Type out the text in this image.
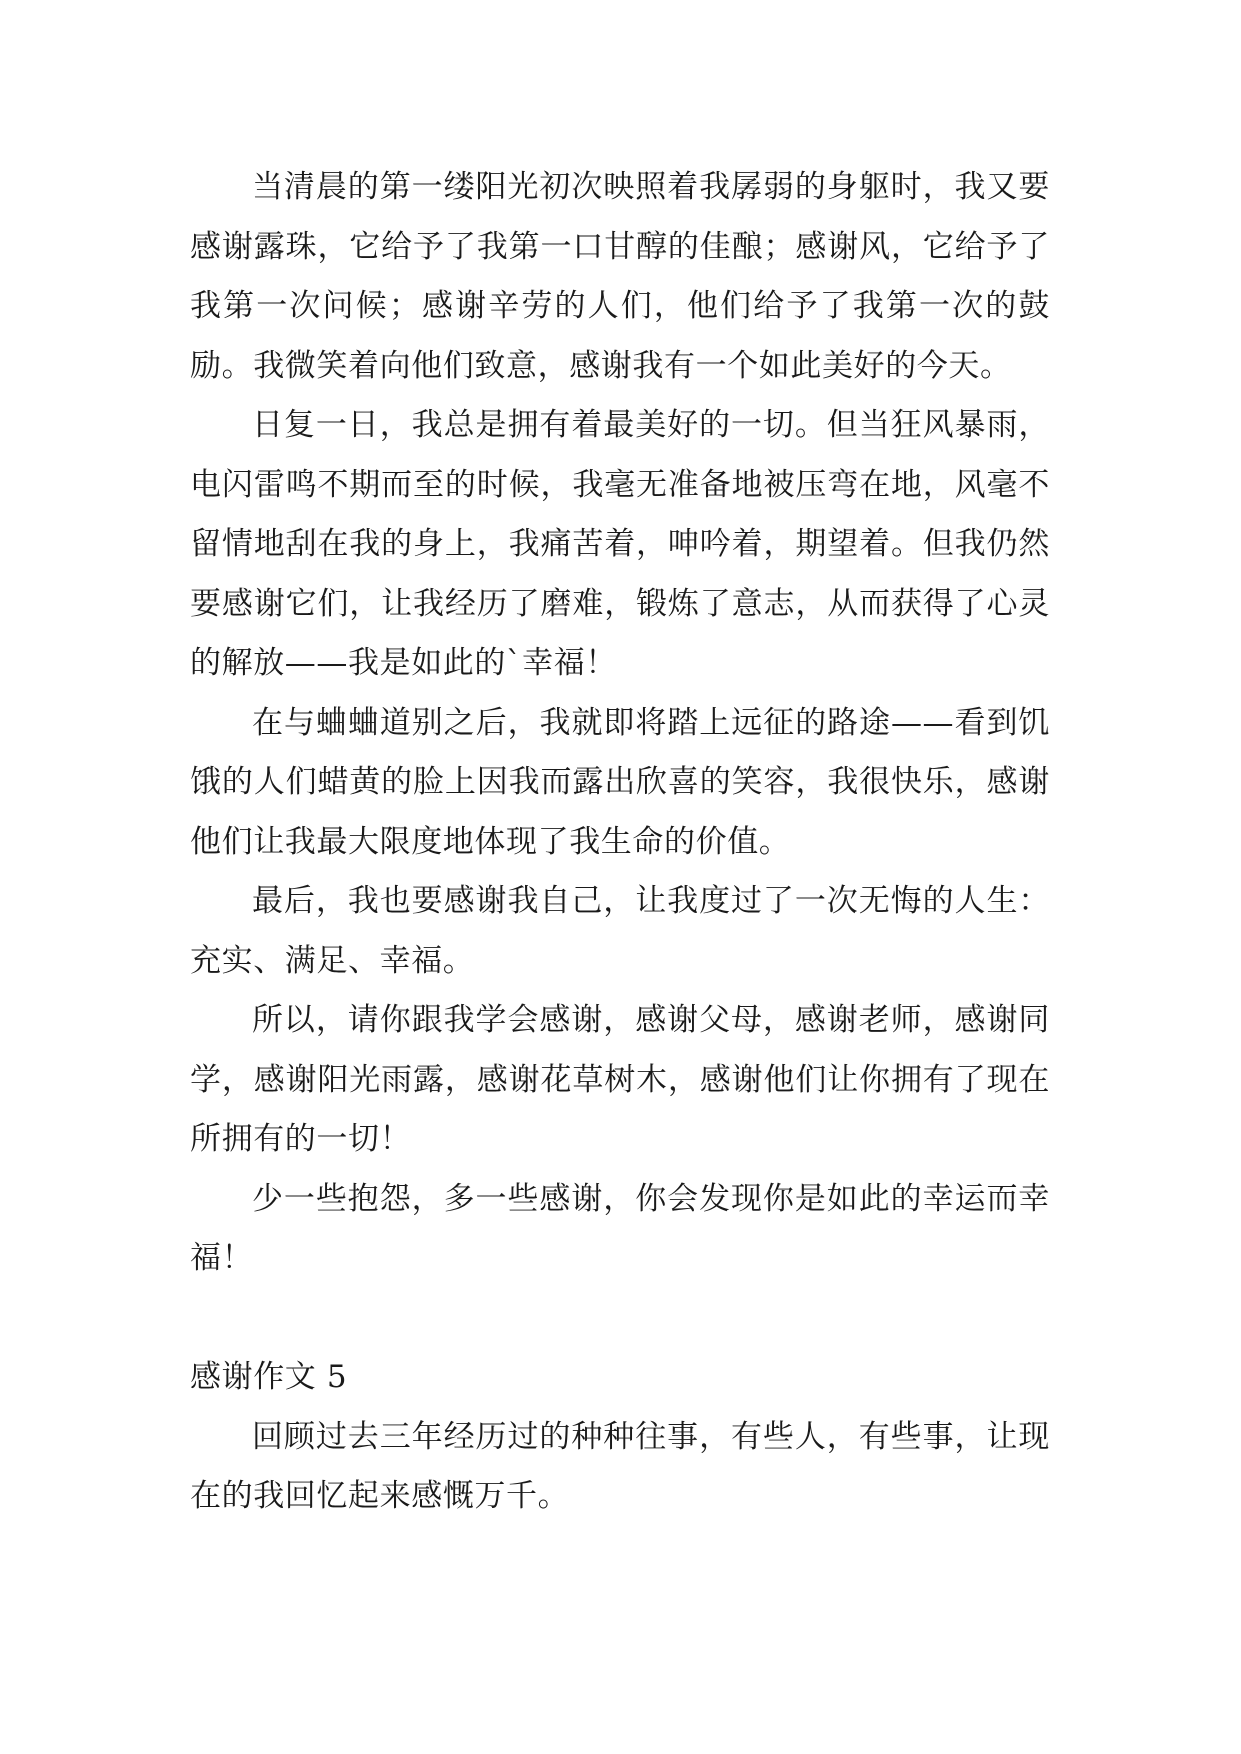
当清晨的第一缕阳光初次映照着我孱弱的身躯时，我又要感谢露珠，它给予了我第一口甘醇的佳酿；感谢风，它给予了我第一次问候；感谢辛劳的人们，他们给予了我第一次的鼓励。我微笑着向他们致意，感谢我有一个如此美好的今天。

日复一日，我总是拥有着最美好的一切。但当狂风暴雨，电闪雷鸣不期而至的时候，我毫无准备地被压弯在地，风毫不留情地刮在我的身上，我痛苦着，呻吟着，期望着。但我仍然要感谢它们，让我经历了磨难，锻炼了意志，从而获得了心灵的解放——我是如此的`幸福！

在与蛐蛐道别之后，我就即将踏上远征的路途——看到饥饿的人们蜡黄的脸上因我而露出欣喜的笑容，我很快乐，感谢他们让我最大限度地体现了我生命的价值。

最后，我也要感谢我自己，让我度过了一次无悔的人生：充实、满足、幸福。

所以，请你跟我学会感谢，感谢父母，感谢老师，感谢同学，感谢阳光雨露，感谢花草树木，感谢他们让你拥有了现在所拥有的一切！

少一些抱怨，多一些感谢，你会发现你是如此的幸运而幸福！

感谢作文 5

回顾过去三年经历过的种种往事，有些人，有些事，让现在的我回忆起来感慨万千。
